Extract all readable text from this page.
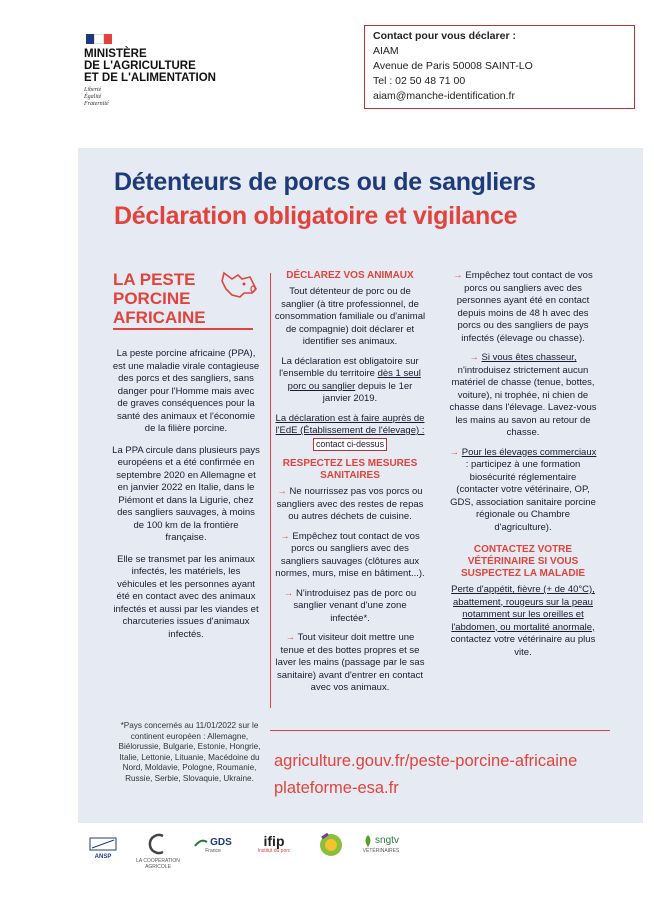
MINISTÈRE
DE L'AGRICULTURE
ET DE L'ALIMENTATION
Liberté
Égalité
Fraternité
Contact pour vous déclarer :
AIAM
Avenue de Paris 50008 SAINT-LO
Tel : 02 50 48 71 00
aiam@manche-identification.fr
Détenteurs de porcs ou de sangliers
Déclaration obligatoire et vigilance
LA PESTE
PORCINE
AFRICAINE

La peste porcine africaine (PPA), est une maladie virale contagieuse des porcs et des sangliers, sans danger pour l'Homme mais avec de graves conséquences pour la santé des animaux et l'économie de la filière porcine.

La PPA circule dans plusieurs pays européens et a été confirmée en septembre 2020 en Allemagne et en janvier 2022 en Italie, dans le Piémont et dans la Ligurie, chez des sangliers sauvages, à moins de 100 km de la frontière française.

Elle se transmet par les animaux infectés, les matériels, les véhicules et les personnes ayant été en contact avec des animaux infectés et aussi par les viandes et charcuteries issues d'animaux infectés.

*Pays concernés au 11/01/2022 sur le continent européen : Allemagne, Biélorussie, Bulgarie, Estonie, Hongrie, Italie, Lettonie, Lituanie, Macédoine du Nord, Moldavie, Pologne, Roumanie, Russie, Serbie, Slovaquie, Ukraine.
DÉCLAREZ VOS ANIMAUX

Tout détenteur de porc ou de sanglier (à titre professionnel, de consommation familiale ou d'animal de compagnie) doit déclarer et identifier ses animaux.

La déclaration est obligatoire sur l'ensemble du territoire dès 1 seul porc ou sanglier depuis le 1er janvier 2019.

La déclaration est à faire auprès de l'EdE (Établissement de l'élevage) : contact ci-dessus

RESPECTEZ LES MESURES SANITAIRES

→ Ne nourrissez pas vos porcs ou sangliers avec des restes de repas ou autres déchets de cuisine.

→ Empêchez tout contact de vos porcs ou sangliers avec des sangliers sauvages (clôtures aux normes, murs, mise en bâtiment...).

→ N'introduisez pas de porc ou sanglier venant d'une zone infectée*.

→ Tout visiteur doit mettre une tenue et des bottes propres et se laver les mains (passage par le sas sanitaire) avant d'entrer en contact avec vos animaux.

→ Empêchez tout contact de vos porcs ou sangliers avec des personnes ayant été en contact depuis moins de 48 h avec des porcs ou des sangliers de pays infectés (élevage ou chasse).

→ Si vous êtes chasseur, n'introduisez strictement aucun matériel de chasse (tenue, bottes, voiture), ni trophée, ni chien de chasse dans l'élevage. Lavez-vous les mains au savon au retour de chasse.

→ Pour les élevages commerciaux : participez à une formation biosécurité réglementaire (contacter votre vétérinaire, OP, GDS, association sanitaire porcine régionale ou Chambre d'agriculture).

CONTACTEZ VOTRE VÉTÉRINAIRE SI VOUS SUSPECTEZ LA MALADIE

Perte d'appétit, fièvre (+ de 40°C), abattement, rougeurs sur la peau notamment sur les oreilles et l'abdomen, ou mortalité anormale, contactez votre vétérinaire au plus vite.

agriculture.gouv.fr/peste-porcine-africaine
plateforme-esa.fr
ANSP
LA COOPÉRATION AGRICOLE
GDS
France
ifip
Institut du porc
sngtv
VÉTÉRINAIRES
